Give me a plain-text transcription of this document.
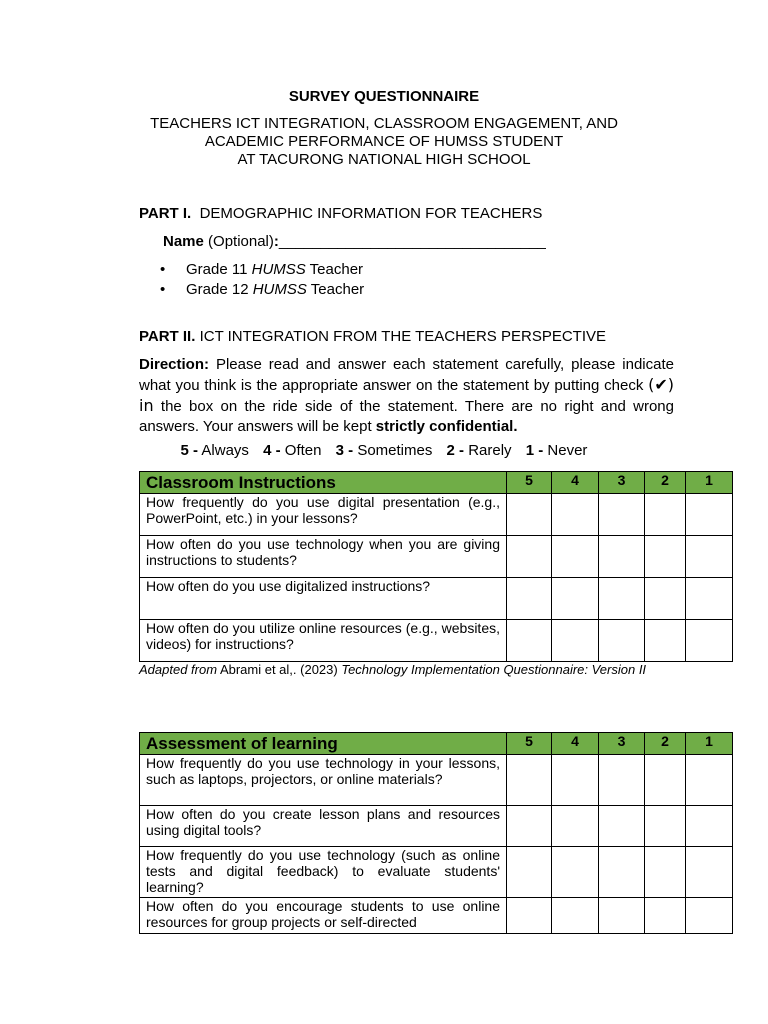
SURVEY QUESTIONNAIRE
TEACHERS ICT INTEGRATION, CLASSROOM ENGAGEMENT, AND
ACADEMIC PERFORMANCE OF HUMSS STUDENT
AT TACURONG NATIONAL HIGH SCHOOL
PART I. DEMOGRAPHIC INFORMATION FOR TEACHERS
Name (Optional):________________________________
• Grade 11 HUMSS Teacher
• Grade 12 HUMSS Teacher
PART II. ICT INTEGRATION FROM THE TEACHERS PERSPECTIVE
Direction: Please read and answer each statement carefully, please indicate what you think is the appropriate answer on the statement by putting check (✔) in the box on the ride side of the statement. There are no right and wrong answers. Your answers will be kept strictly confidential.
5 - Always 4 - Often 3 - Sometimes 2 - Rarely 1 - Never
Classroom Instructions	5	4	3	2	1
How frequently do you use digital presentation (e.g., PowerPoint, etc.) in your lessons?					
How often do you use technology when you are giving instructions to students?					
How often do you use digitalized instructions?					
How often do you utilize online resources (e.g., websites, videos) for instructions?					
Adapted from Abrami et al,. (2023) Technology Implementation Questionnaire: Version II
Assessment of learning	5	4	3	2	1
How frequently do you use technology in your lessons, such as laptops, projectors, or online materials?					
How often do you create lesson plans and resources using digital tools?					
How frequently do you use technology (such as online tests and digital feedback) to evaluate students' learning?					
How often do you encourage students to use online resources for group projects or self-directed					
